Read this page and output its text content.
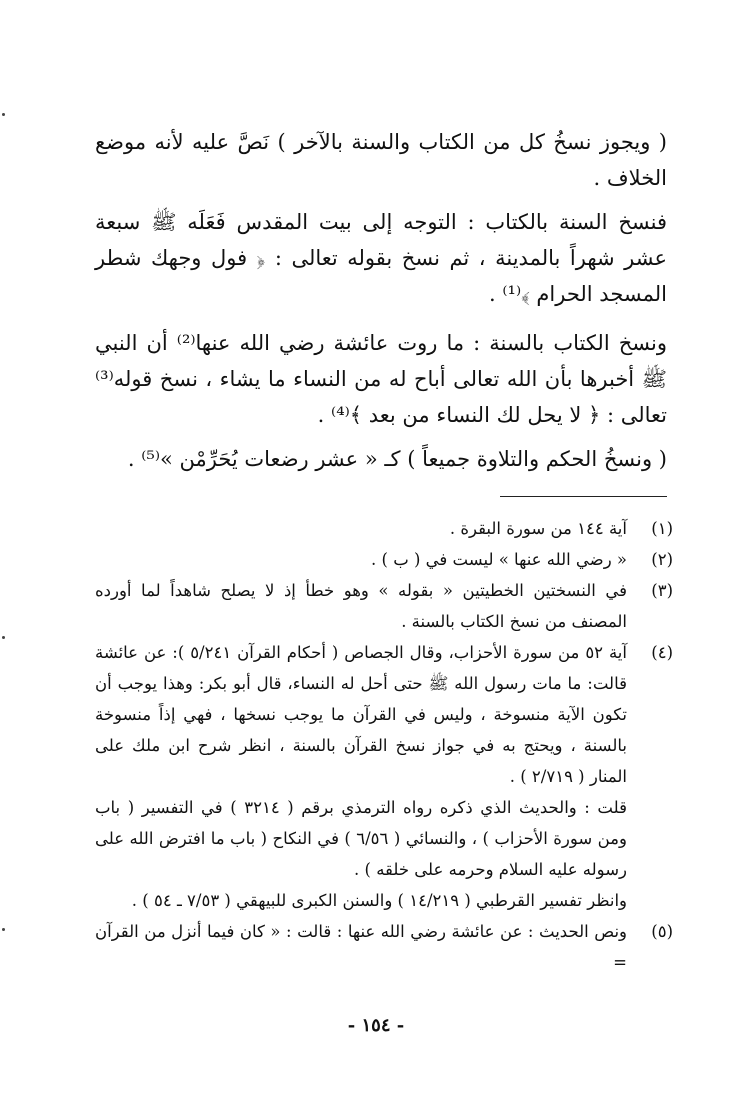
( ويجوز نسخُ كل من الكتاب والسنة بالآخر ) نَصَّ عليه لأنه موضع الخلاف .

فنسخ السنة بالكتاب : التوجه إلى بيت المقدس فَعَلَه ﷺ سبعة عشر شهراً بالمدينة ، ثم نسخ بقوله تعالى : ﴿ فول وجهك شطر المسجد الحرام ﴾⁽¹⁾ .

ونسخ الكتاب بالسنة : ما روت عائشة رضي الله عنها⁽²⁾ أن النبي ﷺ أخبرها بأن الله تعالى أباح له من النساء ما يشاء ، نسخ قوله⁽³⁾ تعالى : ﴿ لا يحل لك النساء من بعد ﴾⁽⁴⁾ .

( ونسخُ الحكم والتلاوة جميعاً ) كـ « عشر رضعات يُحَرِّمْن »⁽⁵⁾ .

(١)
آية ١٤٤ من سورة البقرة .
(٢)
« رضي الله عنها » ليست في ( ب ) .
(٣)
في النسختين الخطيتين « بقوله » وهو خطأ إذ لا يصلح شاهداً لما أورده المصنف من نسخ الكتاب بالسنة .
(٤)
آية ٥٢ من سورة الأحزاب، وقال الجصاص ( أحكام القرآن ٥/٢٤١ ): عن عائشة قالت: ما مات رسول الله ﷺ حتى أحل له النساء، قال أبو بكر: وهذا يوجب أن تكون الآية منسوخة ، وليس في القرآن ما يوجب نسخها ، فهي إذاً منسوخة بالسنة ، ويحتج به في جواز نسخ القرآن بالسنة ، انظر شرح ابن ملك على المنار ( ٢/٧١٩ ) .
قلت : والحديث الذي ذكره رواه الترمذي برقم ( ٣٢١٤ ) في التفسير ( باب ومن سورة الأحزاب ) ، والنسائي ( ٦/٥٦ ) في النكاح ( باب ما افترض الله على رسوله عليه السلام وحرمه على خلقه ) .
وانظر تفسير القرطبي ( ١٤/٢١٩ ) والسنن الكبرى للبيهقي ( ٧/٥٣ ـ ٥٤ ) .
(٥)
ونص الحديث : عن عائشة رضي الله عنها : قالت : « كان فيما أنزل من القرآن =
- ١٥٤ -
